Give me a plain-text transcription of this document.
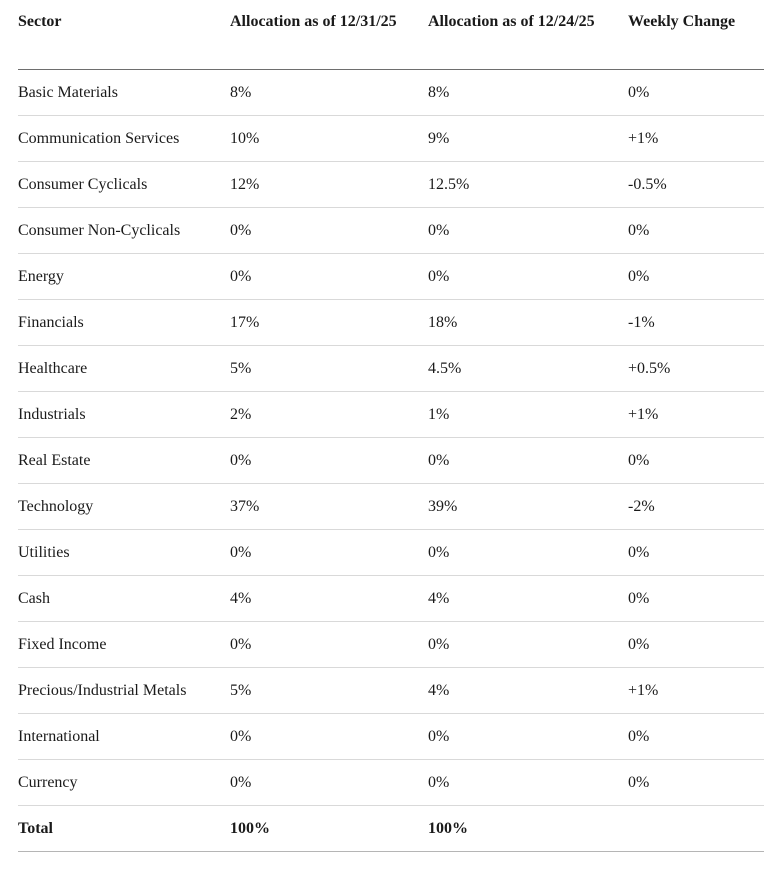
Sector	Allocation as of 12/31/25	Allocation as of 12/24/25	Weekly Change
Basic Materials	8%	8%	0%
Communication Services	10%	9%	+1%
Consumer Cyclicals	12%	12.5%	-0.5%
Consumer Non-Cyclicals	0%	0%	0%
Energy	0%	0%	0%
Financials	17%	18%	-1%
Healthcare	5%	4.5%	+0.5%
Industrials	2%	1%	+1%
Real Estate	0%	0%	0%
Technology	37%	39%	-2%
Utilities	0%	0%	0%
Cash	4%	4%	0%
Fixed Income	0%	0%	0%
Precious/Industrial Metals	5%	4%	+1%
International	0%	0%	0%
Currency	0%	0%	0%
Total	100%	100%	
